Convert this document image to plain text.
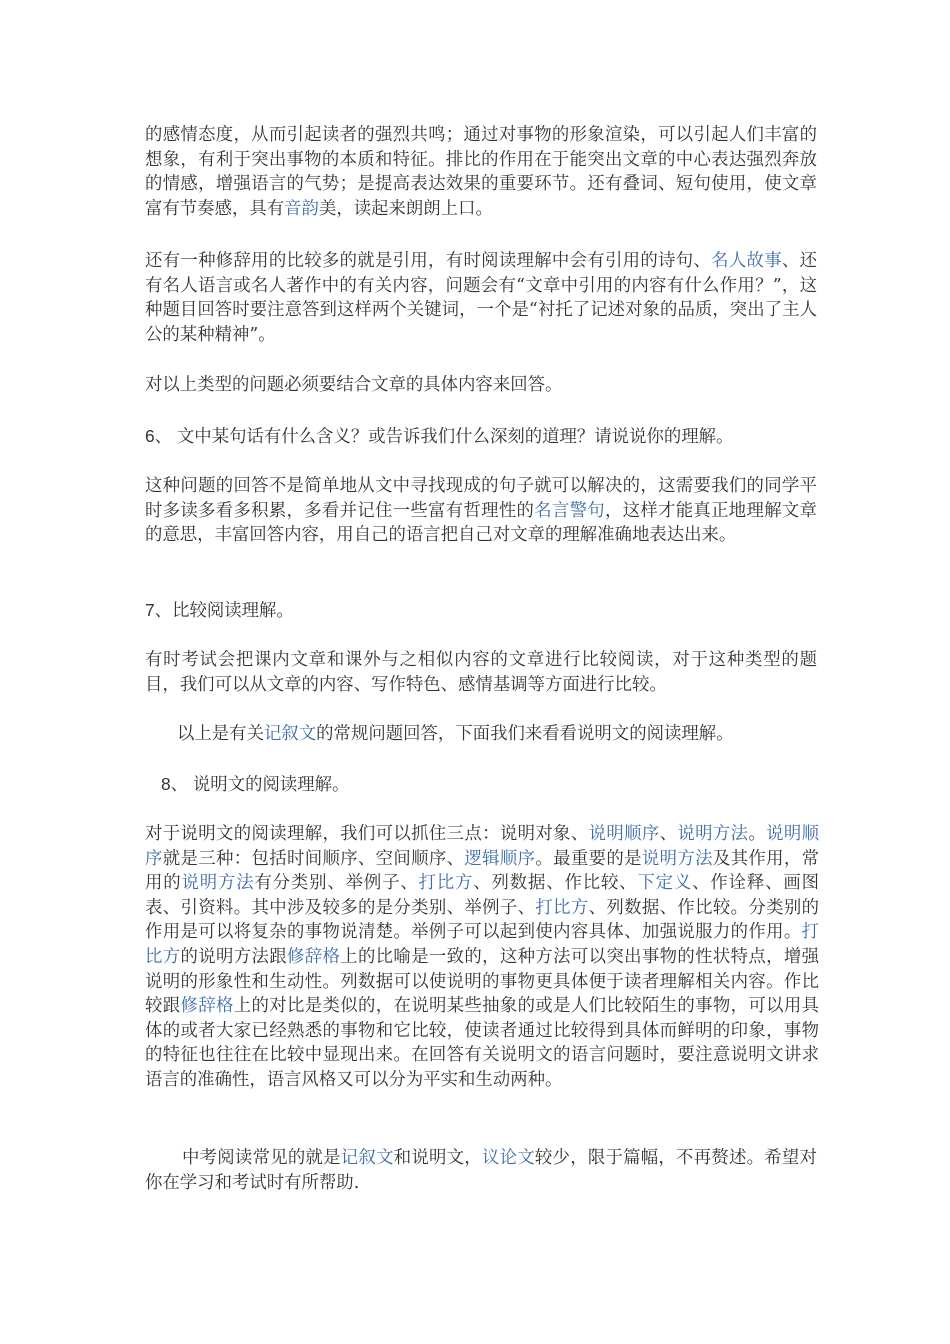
的感情态度，从而引起读者的强烈共鸣；通过对事物的形象渲染，可以引起人们丰富的想象，有利于突出事物的本质和特征。排比的作用在于能突出文章的中心表达强烈奔放的情感，增强语言的气势；是提高表达效果的重要环节。还有叠词、短句使用，使文章富有节奏感，具有音韵美，读起来朗朗上口。

还有一种修辞用的比较多的就是引用，有时阅读理解中会有引用的诗句、名人故事、还有名人语言或名人著作中的有关内容，问题会有“文章中引用的内容有什么作用？”，这种题目回答时要注意答到这样两个关键词，一个是“衬托了记述对象的品质，突出了主人公的某种精神”。

对以上类型的问题必须要结合文章的具体内容来回答。

6、 文中某句话有什么含义？或告诉我们什么深刻的道理？请说说你的理解。

这种问题的回答不是简单地从文中寻找现成的句子就可以解决的，这需要我们的同学平时多读多看多积累，多看并记住一些富有哲理性的名言警句，这样才能真正地理解文章的意思，丰富回答内容，用自己的语言把自己对文章的理解准确地表达出来。

7、比较阅读理解。

有时考试会把课内文章和课外与之相似内容的文章进行比较阅读，对于这种类型的题目，我们可以从文章的内容、写作特色、感情基调等方面进行比较。

以上是有关记叙文的常规问题回答，下面我们来看看说明文的阅读理解。

8、 说明文的阅读理解。

对于说明文的阅读理解，我们可以抓住三点：说明对象、说明顺序、说明方法。说明顺序就是三种：包括时间顺序、空间顺序、逻辑顺序。最重要的是说明方法及其作用，常用的说明方法有分类别、举例子、打比方、列数据、作比较、下定义、作诠释、画图表、引资料。其中涉及较多的是分类别、举例子、打比方、列数据、作比较。分类别的作用是可以将复杂的事物说清楚。举例子可以起到使内容具体、加强说服力的作用。打比方的说明方法跟修辞格上的比喻是一致的，这种方法可以突出事物的性状特点，增强说明的形象性和生动性。列数据可以使说明的事物更具体便于读者理解相关内容。作比较跟修辞格上的对比是类似的，在说明某些抽象的或是人们比较陌生的事物，可以用具体的或者大家已经熟悉的事物和它比较，使读者通过比较得到具体而鲜明的印象，事物的特征也往往在比较中显现出来。在回答有关说明文的语言问题时，要注意说明文讲求语言的准确性，语言风格又可以分为平实和生动两种。

中考阅读常见的就是记叙文和说明文，议论文较少，限于篇幅，不再赘述。希望对你在学习和考试时有所帮助.
